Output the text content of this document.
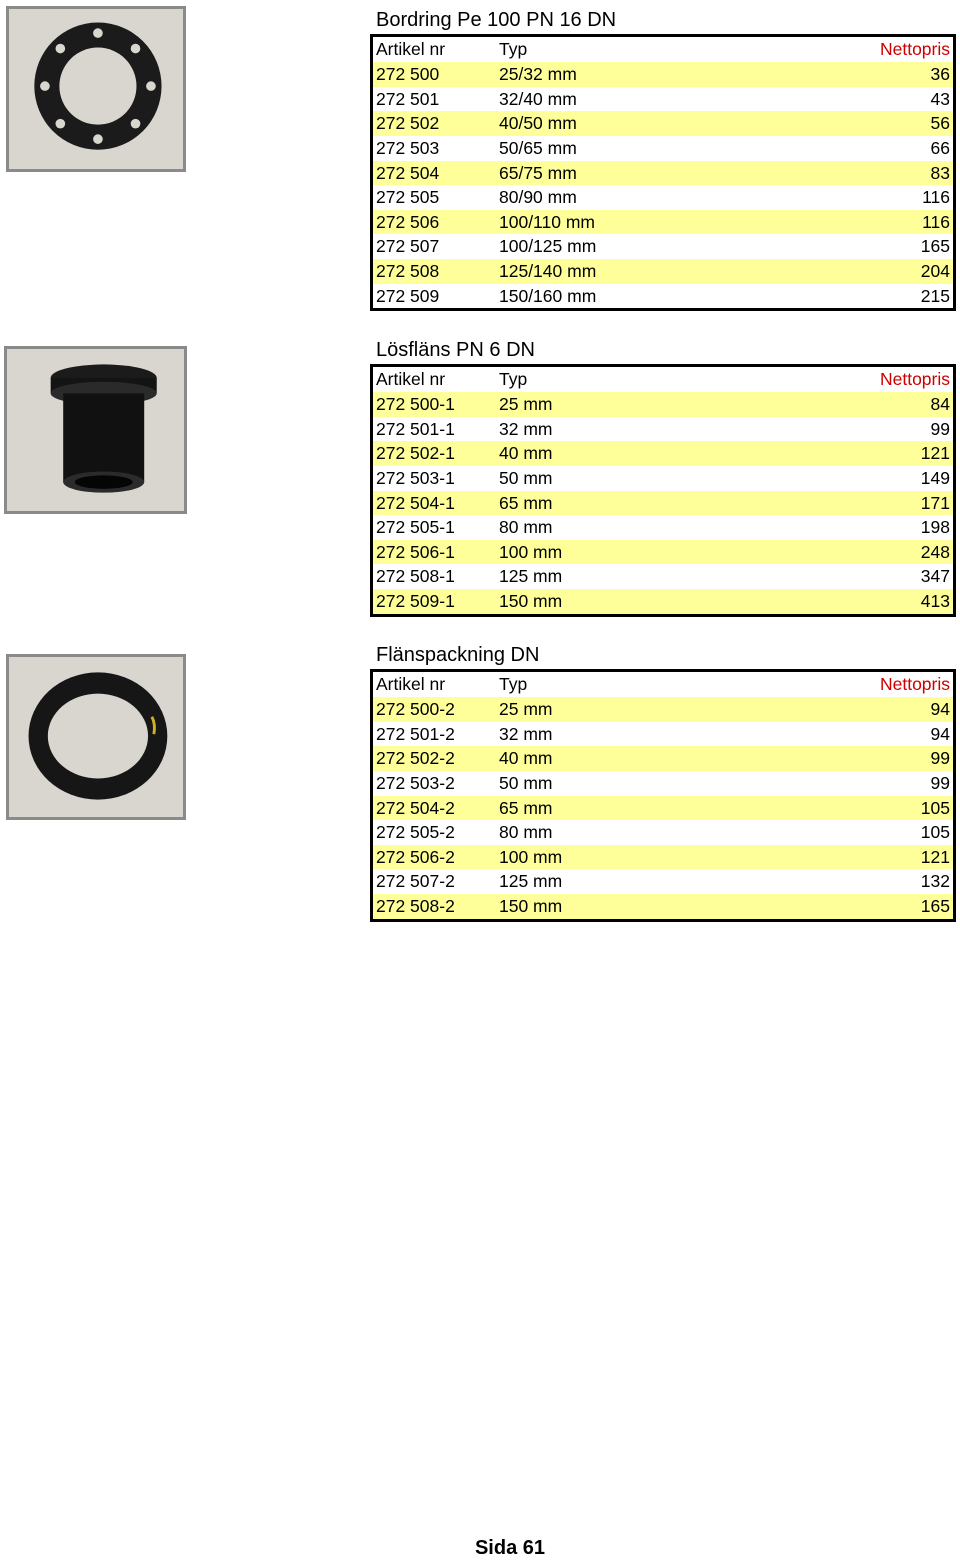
Bordring Pe 100 PN 16 DN
Artikel nr	Typ	Nettopris
272 500	25/32 mm	36
272 501	32/40 mm	43
272 502	40/50 mm	56
272 503	50/65 mm	66
272 504	65/75 mm	83
272 505	80/90 mm	116
272 506	100/110 mm	116
272 507	100/125 mm	165
272 508	125/140 mm	204
272 509	150/160 mm	215
Lösfläns PN 6 DN
Artikel nr	Typ	Nettopris
272 500-1	25 mm	84
272 501-1	32 mm	99
272 502-1	40 mm	121
272 503-1	50 mm	149
272 504-1	65 mm	171
272 505-1	80 mm	198
272 506-1	100 mm	248
272 508-1	125 mm	347
272 509-1	150 mm	413
Flänspackning DN
Artikel nr	Typ	Nettopris
272 500-2	25 mm	94
272 501-2	32 mm	94
272 502-2	40 mm	99
272 503-2	50 mm	99
272 504-2	65 mm	105
272 505-2	80 mm	105
272 506-2	100 mm	121
272 507-2	125 mm	132
272 508-2	150 mm	165
Sida 61
